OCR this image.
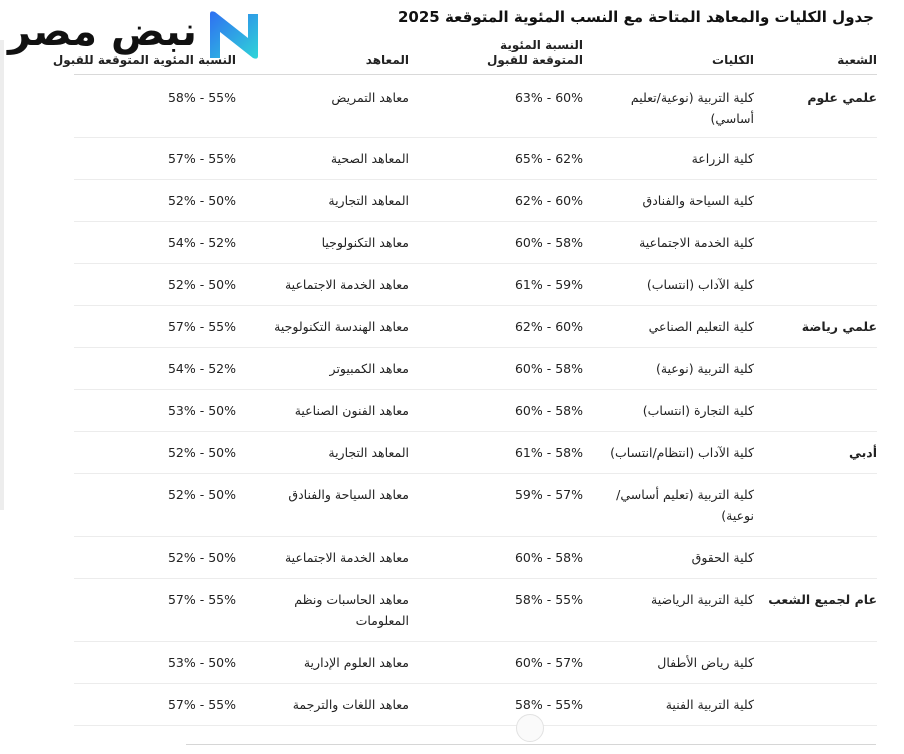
نبض مصر	جدول الكليات والمعاهد المتاحة مع النسب المئوية المتوقعة 2025
الشعبة
الكليات
النسبة المئوية المتوقعة للقبول
المعاهد
النسبة المئوية المتوقعة للقبول
علمي علوم
كلية التربية (نوعية/تعليم أساسي)
60% - 63%
معاهد التمريض
55% - 58%
كلية الزراعة
62% - 65%
المعاهد الصحية
55% - 57%
كلية السياحة والفنادق
60% - 62%
المعاهد التجارية
50% - 52%
كلية الخدمة الاجتماعية
58% - 60%
معاهد التكنولوجيا
52% - 54%
كلية الآداب (انتساب)
59% - 61%
معاهد الخدمة الاجتماعية
50% - 52%
علمي رياضة
كلية التعليم الصناعي
60% - 62%
معاهد الهندسة التكنولوجية
55% - 57%
كلية التربية (نوعية)
58% - 60%
معاهد الكمبيوتر
52% - 54%
كلية التجارة (انتساب)
58% - 60%
معاهد الفنون الصناعية
50% - 53%
أدبي
كلية الآداب (انتظام/انتساب)
58% - 61%
المعاهد التجارية
50% - 52%
كلية التربية (تعليم أساسي/ نوعية)
57% - 59%
معاهد السياحة والفنادق
50% - 52%
كلية الحقوق
58% - 60%
معاهد الخدمة الاجتماعية
50% - 52%
عام لجميع الشعب
كلية التربية الرياضية
55% - 58%
معاهد الحاسبات ونظم المعلومات
55% - 57%
كلية رياض الأطفال
57% - 60%
معاهد العلوم الإدارية
50% - 53%
كلية التربية الفنية
55% - 58%
معاهد اللغات والترجمة
55% - 57%
